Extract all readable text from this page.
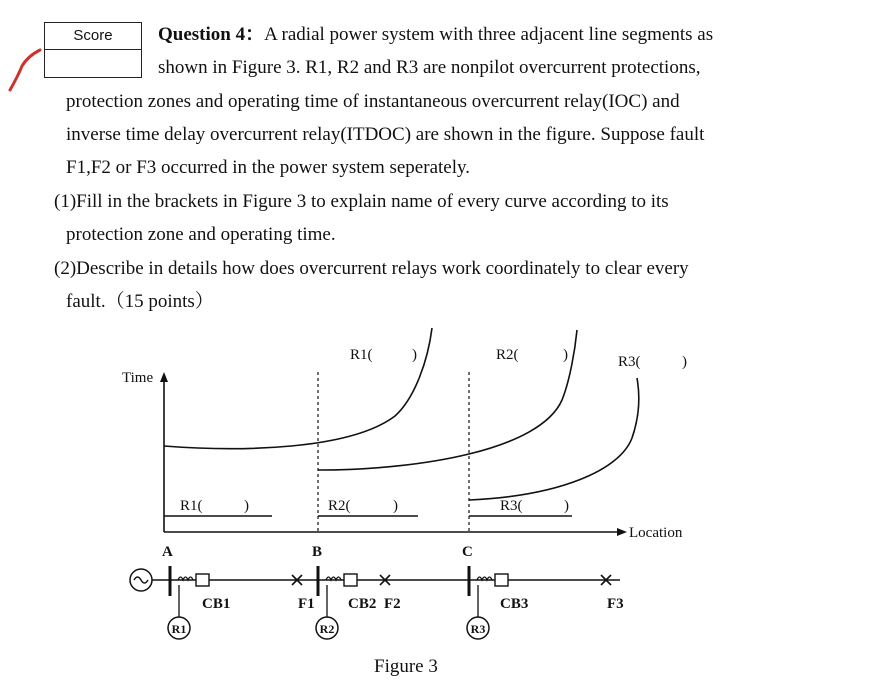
Score	Question 4：A radial power system with three adjacent line segments as

shown in Figure 3. R1, R2 and R3 are nonpilot overcurrent protections,

protection zones and operating time of instantaneous overcurrent relay(IOC) and

inverse time delay overcurrent relay(ITDOC) are shown in the figure. Suppose fault

F1,F2 or F3 occurred in the power system seperately.

(1)Fill in the brackets in Figure 3 to explain name of every curve according to its

protection zone and operating time.

(2)Describe in details how does overcurrent relays work coordinately to clear every

fault.（15 points）

Time
Location
R1(	)	R2(	)	R3(	)
R1(	)	R2(	)	R3(	)
A	B	C
CB1	F1 CB2 F2	CB3	F3
R1	R2	R3
Figure 3
